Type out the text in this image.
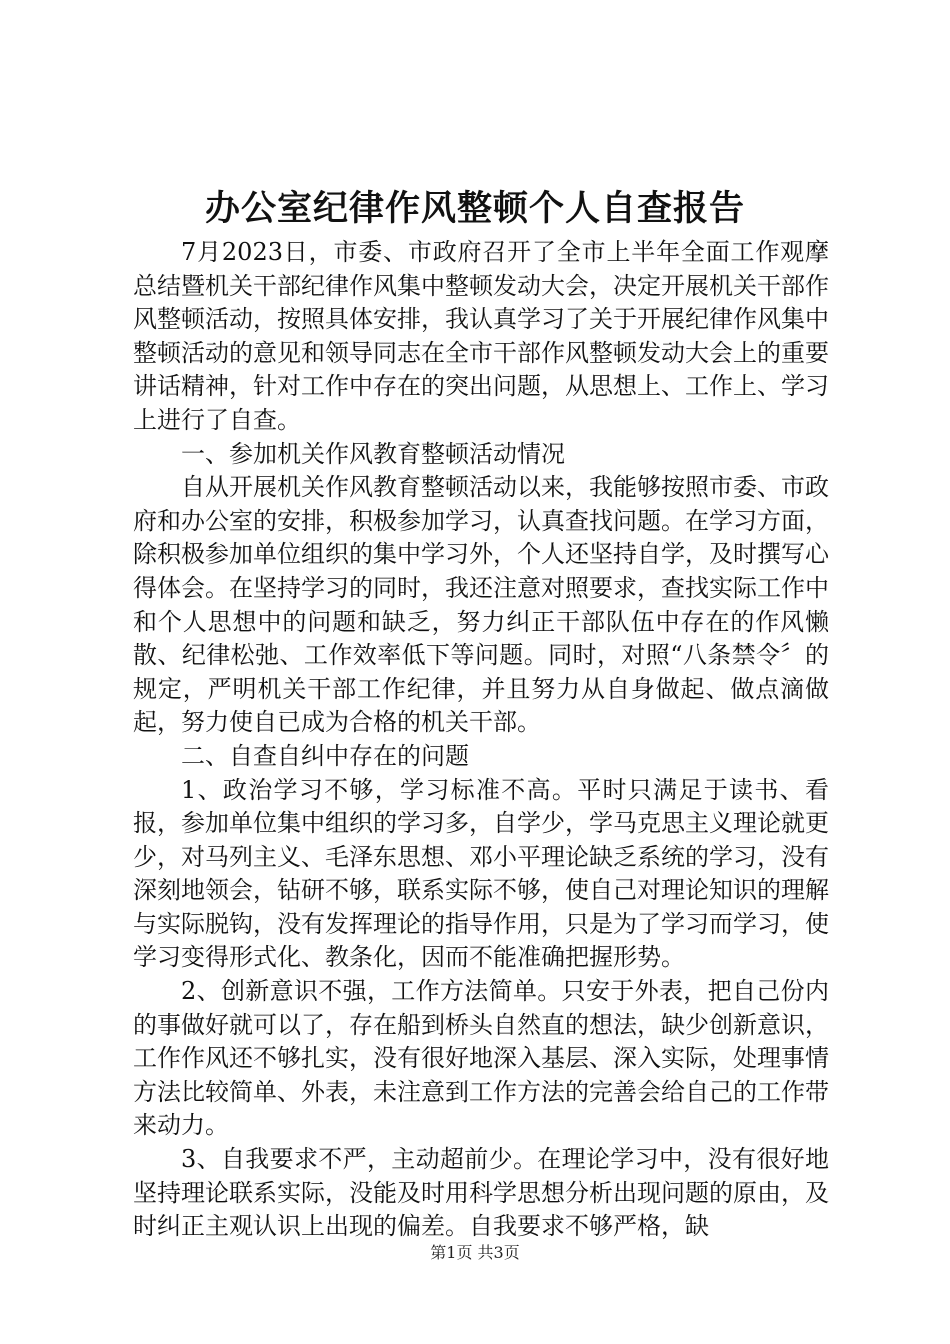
办公室纪律作风整顿个人自查报告

7月2023日，市委、市政府召开了全市上半年全面工作观摩总结暨机关干部纪律作风集中整顿发动大会，决定开展机关干部作风整顿活动，按照具体安排，我认真学习了关于开展纪律作风集中整顿活动的意见和领导同志在全市干部作风整顿发动大会上的重要讲话精神，针对工作中存在的突出问题，从思想上、工作上、学习上进行了自查。

一、参加机关作风教育整顿活动情况

自从开展机关作风教育整顿活动以来，我能够按照市委、市政府和办公室的安排，积极参加学习，认真查找问题。在学习方面，除积极参加单位组织的集中学习外，个人还坚持自学，及时撰写心得体会。在坚持学习的同时，我还注意对照要求，查找实际工作中和个人思想中的问题和缺乏，努力纠正干部队伍中存在的作风懒散、纪律松弛、工作效率低下等问题。同时，对照“八条禁令〞的规定，严明机关干部工作纪律，并且努力从自身做起、做点滴做起，努力使自已成为合格的机关干部。

二、自查自纠中存在的问题

1、政治学习不够，学习标准不高。平时只满足于读书、看报，参加单位集中组织的学习多，自学少，学马克思主义理论就更少，对马列主义、毛泽东思想、邓小平理论缺乏系统的学习，没有深刻地领会，钻研不够，联系实际不够，使自己对理论知识的理解与实际脱钩，没有发挥理论的指导作用，只是为了学习而学习，使学习变得形式化、教条化，因而不能准确把握形势。

2、创新意识不强，工作方法简单。只安于外表，把自己份内的事做好就可以了，存在船到桥头自然直的想法，缺少创新意识，工作作风还不够扎实，没有很好地深入基层、深入实际，处理事情方法比较简单、外表，未注意到工作方法的完善会给自己的工作带来动力。

3、自我要求不严，主动超前少。在理论学习中，没有很好地坚持理论联系实际，没能及时用科学思想分析出现问题的原由，及时纠正主观认识上出现的偏差。自我要求不够严格，缺

第1页 共3页
